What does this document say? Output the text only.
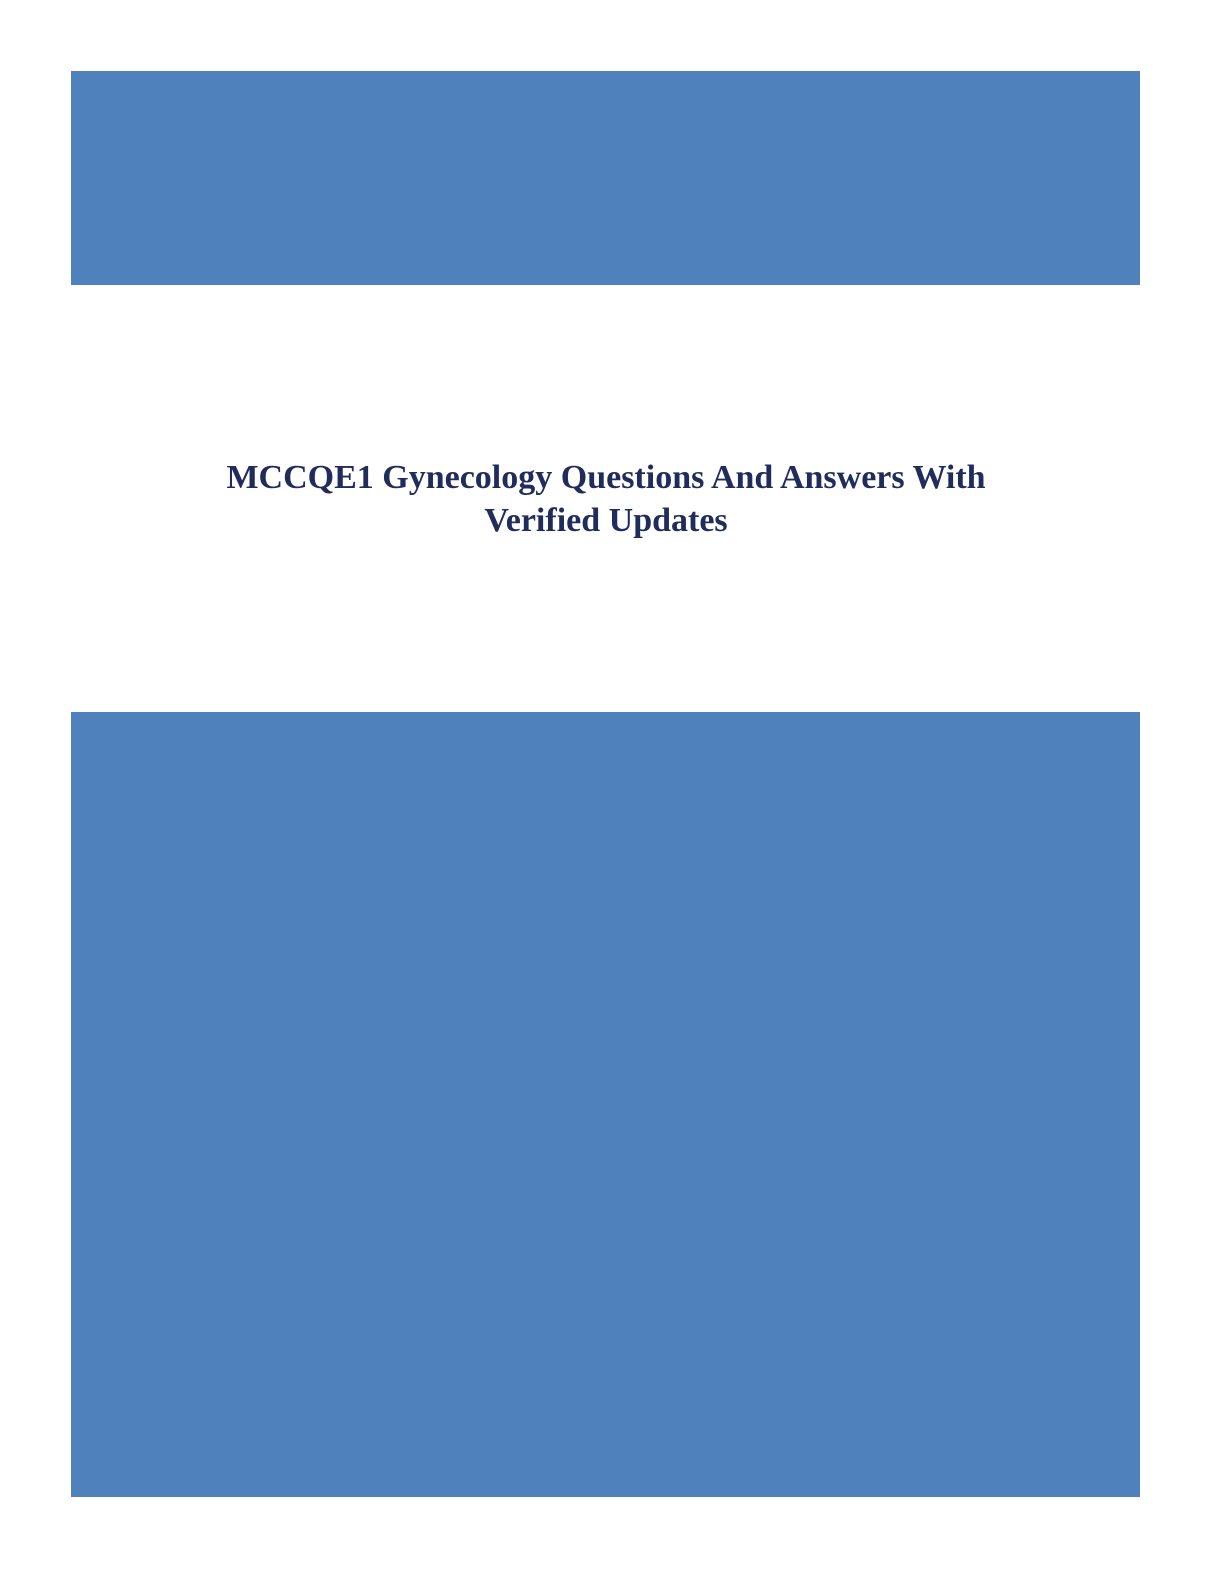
MCCQE1 Gynecology Questions And Answers With
Verified Updates
